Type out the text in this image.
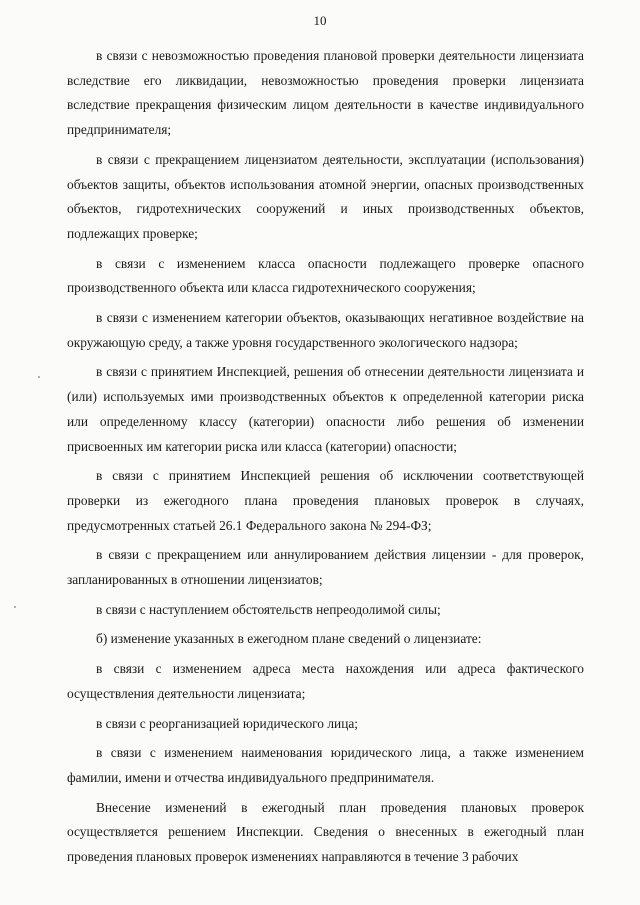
10

в связи с невозможностью проведения плановой проверки деятельности лицензиата вследствие его ликвидации, невозможностью проведения проверки лицензиата вследствие прекращения физическим лицом деятельности в качестве индивидуального предпринимателя;

в связи с прекращением лицензиатом деятельности, эксплуатации (использования) объектов защиты, объектов использования атомной энергии, опасных производственных объектов, гидротехнических сооружений и иных производственных объектов, подлежащих проверке;

в связи с изменением класса опасности подлежащего проверке опасного производственного объекта или класса гидротехнического сооружения;

в связи с изменением категории объектов, оказывающих негативное воздействие на окружающую среду, а также уровня государственного экологического надзора;

в связи с принятием Инспекцией, решения об отнесении деятельности лицензиата и (или) используемых ими производственных объектов к определенной категории риска или определенному классу (категории) опасности либо решения об изменении присвоенных им категории риска или класса (категории) опасности;

в связи с принятием Инспекцией решения об исключении соответствующей проверки из ежегодного плана проведения плановых проверок в случаях, предусмотренных статьей 26.1 Федерального закона № 294-ФЗ;

в связи с прекращением или аннулированием действия лицензии - для проверок, запланированных в отношении лицензиатов;

в связи с наступлением обстоятельств непреодолимой силы;

б) изменение указанных в ежегодном плане сведений о лицензиате:

в связи с изменением адреса места нахождения или адреса фактического осуществления деятельности лицензиата;

в связи с реорганизацией юридического лица;

в связи с изменением наименования юридического лица, а также изменением фамилии, имени и отчества индивидуального предпринимателя.

Внесение изменений в ежегодный план проведения плановых проверок осуществляется решением Инспекции. Сведения о внесенных в ежегодный план проведения плановых проверок изменениях направляются в течение 3 рабочих
